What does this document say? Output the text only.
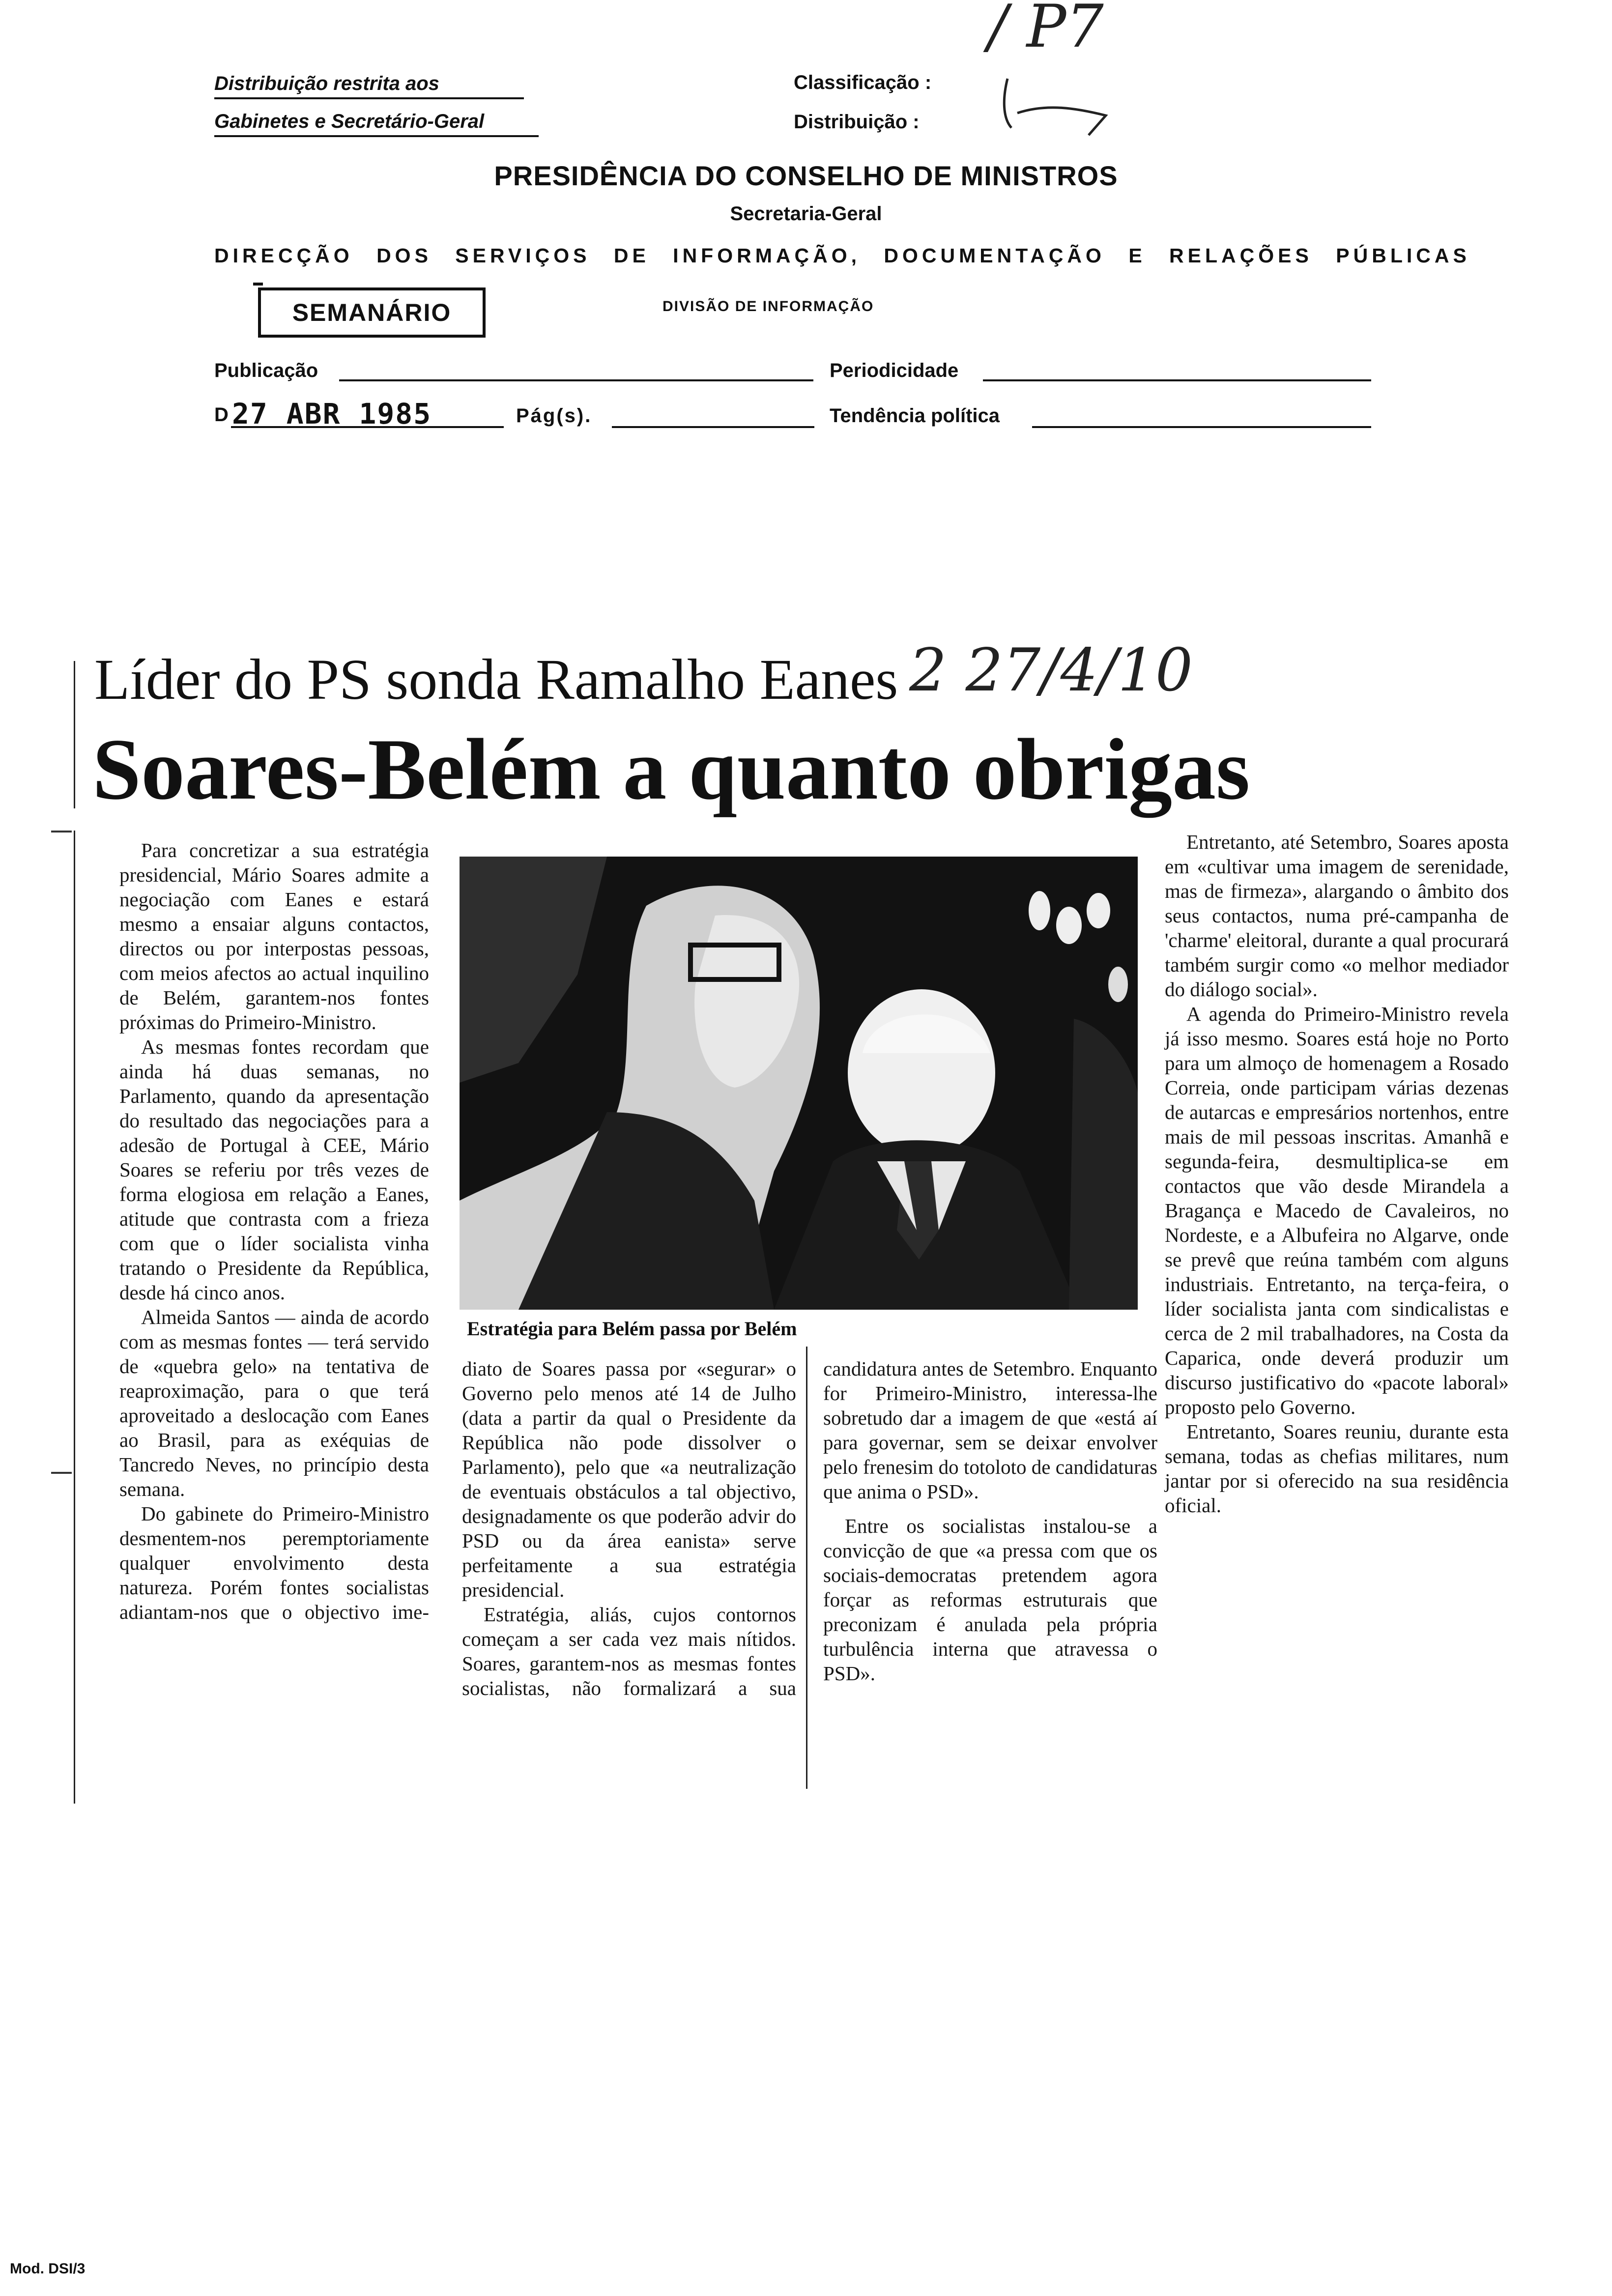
/ P7
Distribuição restrita aos
Gabinetes e Secretário-Geral
Classificação :
Distribuição :
PRESIDÊNCIA DO CONSELHO DE MINISTROS
Secretaria-Geral
DIRECÇÃO DOS SERVIÇOS DE INFORMAÇÃO, DOCUMENTAÇÃO E RELAÇÕES PÚBLICAS
SEMANÁRIO	DIVISÃO DE INFORMAÇÃO
Publicação	Periodicidade
D 27 ABR 1985	Pág(s).	Tendência política
Líder do PS sonda Ramalho Eanes 2 27/4/10
Soares-Belém a quanto obrigas

Para concretizar a sua estratégia presidencial, Mário Soares admite a negociação com Eanes e estará mesmo a ensaiar alguns contactos, directos ou por interpostas pessoas, com meios afectos ao actual inquilino de Belém, garantem-nos fontes próximas do Primeiro-Ministro.

As mesmas fontes recordam que ainda há duas semanas, no Parlamento, quando da apresentação do resultado das negociações para a adesão de Portugal à CEE, Mário Soares se referiu por três vezes de forma elogiosa em relação a Eanes, atitude que contrasta com a frieza com que o líder socialista vinha tratando o Presidente da República, desde há cinco anos.

Almeida Santos — ainda de acordo com as mesmas fontes — terá servido de «quebra gelo» na tentativa de reaproximação, para o que terá aproveitado a deslocação com Eanes ao Brasil, para as exéquias de Tancredo Neves, no princípio desta semana.

Do gabinete do Primeiro-Ministro desmentem-nos peremptoriamente qualquer envolvimento desta natureza. Porém fontes socialistas adiantam-nos que o objectivo ime-

Estratégia para Belém passa por Belém

diato de Soares passa por «segurar» o Governo pelo menos até 14 de Julho (data a partir da qual o Presidente da República não pode dissolver o Parlamento), pelo que «a neutralização de eventuais obstáculos a tal objectivo, designadamente os que poderão advir do PSD ou da área eanista» serve perfeitamente a sua estratégia presidencial.

Estratégia, aliás, cujos contornos começam a ser cada vez mais nítidos. Soares, garantem-nos as mesmas fontes socialistas, não formalizará a sua

candidatura antes de Setembro. Enquanto for Primeiro-Ministro, interessa-lhe sobretudo dar a imagem de que «está aí para governar, sem se deixar envolver pelo frenesim do totoloto de candidaturas que anima o PSD».

Entre os socialistas instalou-se a convicção de que «a pressa com que os sociais-democratas pretendem agora forçar as reformas estruturais que preconizam é anulada pela própria turbulência interna que atravessa o PSD».

Entretanto, até Setembro, Soares aposta em «cultivar uma imagem de serenidade, mas de firmeza», alargando o âmbito dos seus contactos, numa pré-campanha de 'charme' eleitoral, durante a qual procurará também surgir como «o melhor mediador do diálogo social».

A agenda do Primeiro-Ministro revela já isso mesmo. Soares está hoje no Porto para um almoço de homenagem a Rosado Correia, onde participam várias dezenas de autarcas e empresários nortenhos, entre mais de mil pessoas inscritas. Amanhã e segunda-feira, desmultiplica-se em contactos que vão desde Mirandela a Bragança e Macedo de Cavaleiros, no Nordeste, e a Albufeira no Algarve, onde se prevê que reúna também com alguns industriais. Entretanto, na terça-feira, o líder socialista janta com sindicalistas e cerca de 2 mil trabalhadores, na Costa da Caparica, onde deverá produzir um discurso justificativo do «pacote laboral» proposto pelo Governo.

Entretanto, Soares reuniu, durante esta semana, todas as chefias militares, num jantar por si oferecido na sua residência oficial.

Mod. DSI/3
